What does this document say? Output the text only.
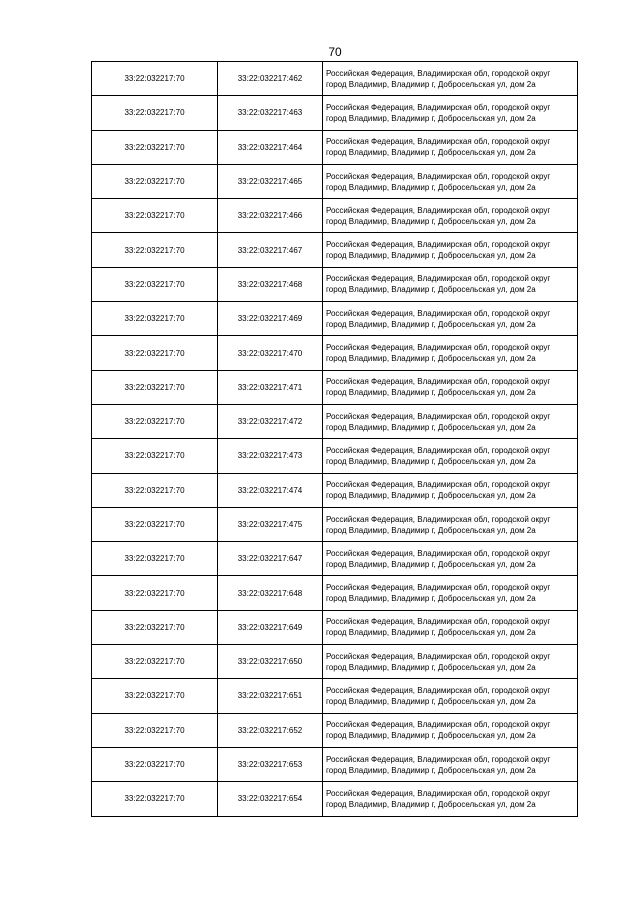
70
33:22:032217:70	33:22:032217:462	Российская Федерация, Владимирская обл, городской округ
город Владимир, Владимир г, Добросельская ул, дом 2а

33:22:032217:70	33:22:032217:463	Российская Федерация, Владимирская обл, городской округ
город Владимир, Владимир г, Добросельская ул, дом 2а

33:22:032217:70	33:22:032217:464	Российская Федерация, Владимирская обл, городской округ
город Владимир, Владимир г, Добросельская ул, дом 2а

33:22:032217:70	33:22:032217:465	Российская Федерация, Владимирская обл, городской округ
город Владимир, Владимир г, Добросельская ул, дом 2а

33:22:032217:70	33:22:032217:466	Российская Федерация, Владимирская обл, городской округ
город Владимир, Владимир г, Добросельская ул, дом 2а

33:22:032217:70	33:22:032217:467	Российская Федерация, Владимирская обл, городской округ
город Владимир, Владимир г, Добросельская ул, дом 2а

33:22:032217:70	33:22:032217:468	Российская Федерация, Владимирская обл, городской округ
город Владимир, Владимир г, Добросельская ул, дом 2а

33:22:032217:70	33:22:032217:469	Российская Федерация, Владимирская обл, городской округ
город Владимир, Владимир г, Добросельская ул, дом 2а

33:22:032217:70	33:22:032217:470	Российская Федерация, Владимирская обл, городской округ
город Владимир, Владимир г, Добросельская ул, дом 2а

33:22:032217:70	33:22:032217:471	Российская Федерация, Владимирская обл, городской округ
город Владимир, Владимир г, Добросельская ул, дом 2а

33:22:032217:70	33:22:032217:472	Российская Федерация, Владимирская обл, городской округ
город Владимир, Владимир г, Добросельская ул, дом 2а

33:22:032217:70	33:22:032217:473	Российская Федерация, Владимирская обл, городской округ
город Владимир, Владимир г, Добросельская ул, дом 2а

33:22:032217:70	33:22:032217:474	Российская Федерация, Владимирская обл, городской округ
город Владимир, Владимир г, Добросельская ул, дом 2а

33:22:032217:70	33:22:032217:475	Российская Федерация, Владимирская обл, городской округ
город Владимир, Владимир г, Добросельская ул, дом 2а

33:22:032217:70	33:22:032217:647	Российская Федерация, Владимирская обл, городской округ
город Владимир, Владимир г, Добросельская ул, дом 2а

33:22:032217:70	33:22:032217:648	Российская Федерация, Владимирская обл, городской округ
город Владимир, Владимир г, Добросельская ул, дом 2а

33:22:032217:70	33:22:032217:649	Российская Федерация, Владимирская обл, городской округ
город Владимир, Владимир г, Добросельская ул, дом 2а

33:22:032217:70	33:22:032217:650	Российская Федерация, Владимирская обл, городской округ
город Владимир, Владимир г, Добросельская ул, дом 2а

33:22:032217:70	33:22:032217:651	Российская Федерация, Владимирская обл, городской округ
город Владимир, Владимир г, Добросельская ул, дом 2а

33:22:032217:70	33:22:032217:652	Российская Федерация, Владимирская обл, городской округ
город Владимир, Владимир г, Добросельская ул, дом 2а

33:22:032217:70	33:22:032217:653	Российская Федерация, Владимирская обл, городской округ
город Владимир, Владимир г, Добросельская ул, дом 2а

33:22:032217:70	33:22:032217:654	Российская Федерация, Владимирская обл, городской округ
город Владимир, Владимир г, Добросельская ул, дом 2а
